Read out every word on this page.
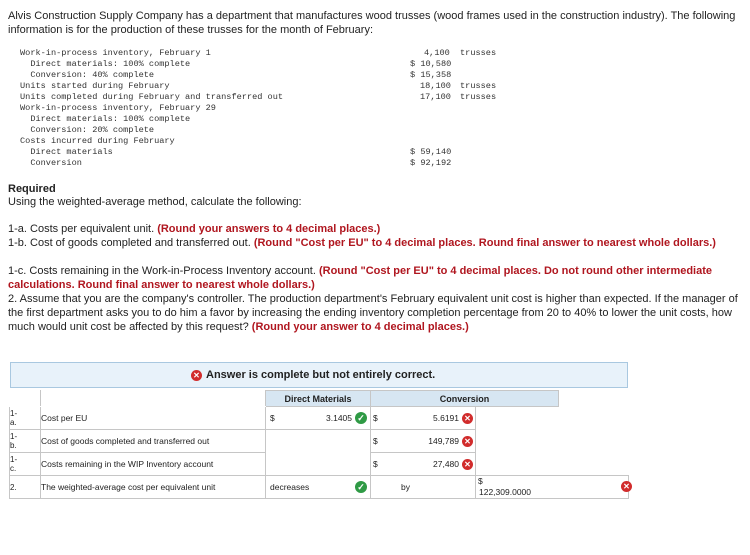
Alvis Construction Supply Company has a department that manufactures wood trusses (wood frames used in the construction industry). The following information is for the production of these trusses for the month of February:
Work-in-process inventory, February 1	4,100 trusses
Direct materials: 100% complete	$ 10,580
Conversion: 40% complete	$ 15,358
Units started during February	18,100 trusses
Units completed during February and transferred out	17,100 trusses
Work-in-process inventory, February 29
Direct materials: 100% complete
Conversion: 20% complete
Costs incurred during February
Direct materials	$ 59,140
Conversion	$ 92,192
Required
Using the weighted-average method, calculate the following:
1-a. Costs per equivalent unit. (Round your answers to 4 decimal places.)
1-b. Cost of goods completed and transferred out. (Round "Cost per EU" to 4 decimal places. Round final answer to nearest whole dollars.)
1-c. Costs remaining in the Work-in-Process Inventory account. (Round "Cost per EU" to 4 decimal places. Do not round other intermediate calculations. Round final answer to nearest whole dollars.)
2. Assume that you are the company's controller. The production department's February equivalent unit cost is higher than expected. If the manager of the first department asks you to do him a favor by increasing the ending inventory completion percentage from 20 to 40% to lower the unit costs, how much would unit cost be affected by this request? (Round your answer to 4 decimal places.)
✕ Answer is complete but not entirely correct.
		Direct Materials	Conversion		
1-
a.	Cost per EU	$ 3.1405 ✓	$ 5.6191 ✕		

1-
b.	Cost of goods completed and transferred out		$ 149,789 ✕		

1-
c.	Costs remaining in the WIP Inventory account		$ 27,480 ✕		

2.	The weighted-average cost per equivalent unit	decreases ✓	by	$
122,309.0000
✕	
